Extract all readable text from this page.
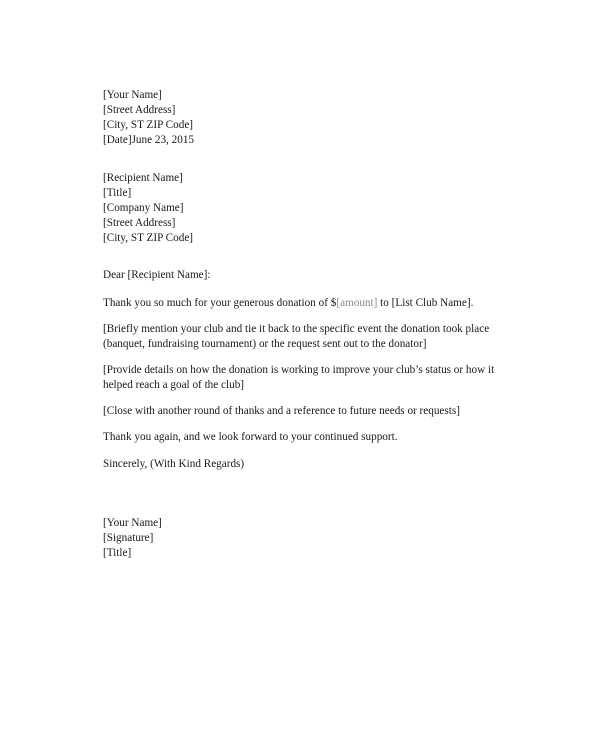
[Your Name]
[Street Address]
[City, ST ZIP Code]
[Date]June 23, 2015
[Recipient Name]
[Title]
[Company Name]
[Street Address]
[City, ST ZIP Code]
Dear [Recipient Name]:
Thank you so much for your generous donation of $[amount] to [List Club Name].
[Briefly mention your club and tie it back to the specific event the donation took place
(banquet, fundraising tournament) or the request sent out to the donator]
[Provide details on how the donation is working to improve your club’s status or how it
helped reach a goal of the club]
[Close with another round of thanks and a reference to future needs or requests]
Thank you again, and we look forward to your continued support.
Sincerely, (With Kind Regards)
[Your Name]
[Signature]
[Title]
